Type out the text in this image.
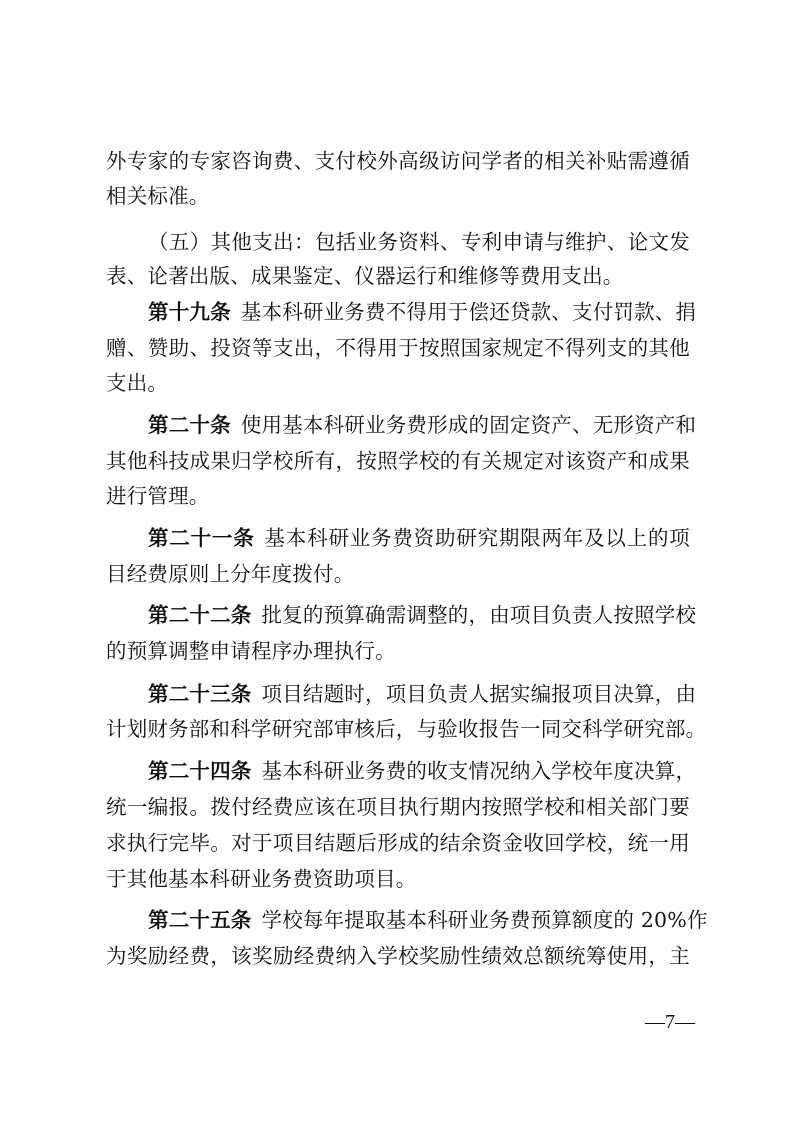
外专家的专家咨询费、支付校外高级访问学者的相关补贴需遵循
相关标准。
（五）其他支出：包括业务资料、专利申请与维护、论文发
表、论著出版、成果鉴定、仪器运行和维修等费用支出。
第十九条 基本科研业务费不得用于偿还贷款、支付罚款、捐
赠、赞助、投资等支出，不得用于按照国家规定不得列支的其他
支出。
第二十条 使用基本科研业务费形成的固定资产、无形资产和
其他科技成果归学校所有，按照学校的有关规定对该资产和成果
进行管理。
第二十一条 基本科研业务费资助研究期限两年及以上的项
目经费原则上分年度拨付。
第二十二条 批复的预算确需调整的，由项目负责人按照学校
的预算调整申请程序办理执行。
第二十三条 项目结题时，项目负责人据实编报项目决算，由
计划财务部和科学研究部审核后，与验收报告一同交科学研究部。
第二十四条 基本科研业务费的收支情况纳入学校年度决算，
统一编报。拨付经费应该在项目执行期内按照学校和相关部门要
求执行完毕。对于项目结题后形成的结余资金收回学校，统一用
于其他基本科研业务费资助项目。
第二十五条 学校每年提取基本科研业务费预算额度的 20%作
为奖励经费，该奖励经费纳入学校奖励性绩效总额统筹使用，主
—7—
